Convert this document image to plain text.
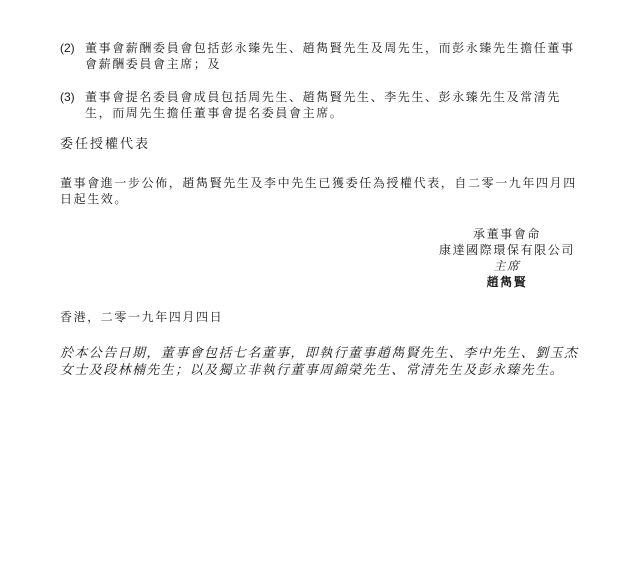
(2) 董事會薪酬委員會包括彭永臻先生、趙雋賢先生及周先生，而彭永臻先生擔任董事會薪酬委員會主席；及
(3) 董事會提名委員會成員包括周先生、趙雋賢先生、李先生、彭永臻先生及常清先生，而周先生擔任董事會提名委員會主席。
委任授權代表
董事會進一步公佈，趙雋賢先生及李中先生已獲委任為授權代表，自二零一九年四月四日起生效。
承董事會命
康達國際環保有限公司
主席
趙雋賢
香港，二零一九年四月四日
於本公告日期，董事會包括七名董事，即執行董事趙雋賢先生、李中先生、劉玉杰女士及段林楠先生；以及獨立非執行董事周錦榮先生、常清先生及彭永臻先生。
